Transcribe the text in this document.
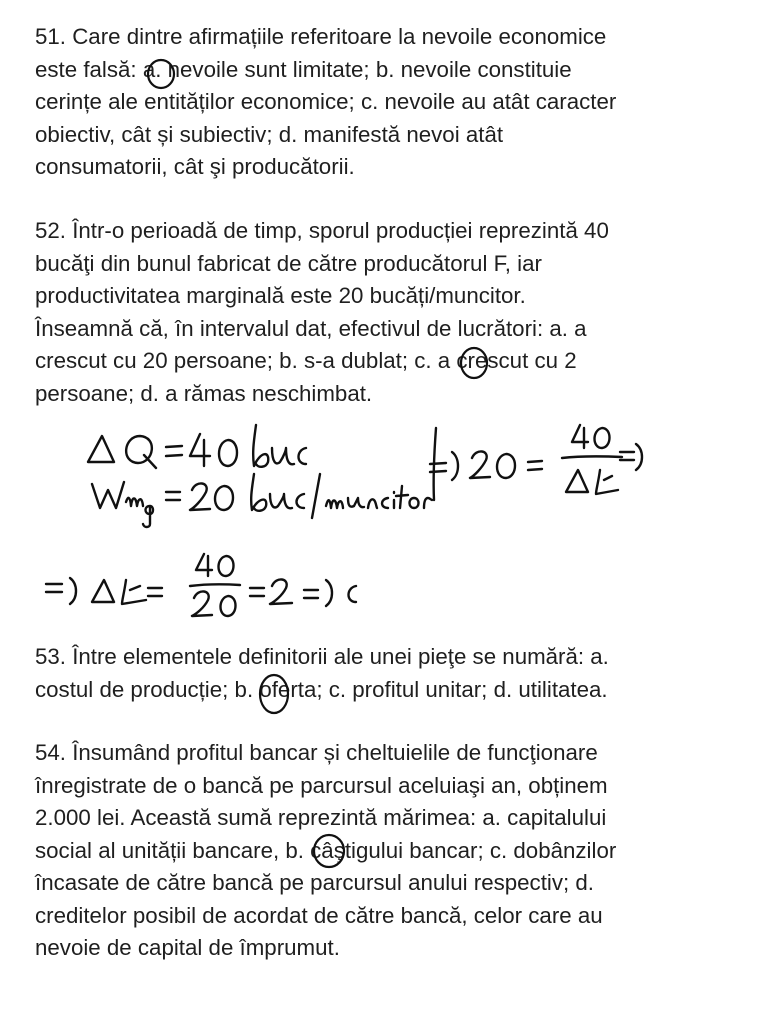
51. Care dintre afirmațiile referitoare la nevoile economice

este falsă: a. nevoile sunt limitate; b. nevoile constituie

cerințe ale entităților economice; c. nevoile au atât caracter

obiectiv, cât și subiectiv; d. manifestă nevoi atât

consumatorii, cât şi producătorii.

52. Într-o perioadă de timp, sporul producției reprezintă 40

bucăţi din bunul fabricat de către producătorul F, iar

productivitatea marginală este 20 bucăți/muncitor.

Înseamnă că, în intervalul dat, efectivul de lucrători: a. a

crescut cu 20 persoane; b. s-a dublat; c. a crescut cu 2

persoane; d. a rămas neschimbat.

53. Între elementele definitorii ale unei pieţe se numără: a.

costul de producție; b. oferta; c. profitul unitar; d. utilitatea.

54. Însumând profitul bancar și cheltuielile de funcţionare

înregistrate de o bancă pe parcursul aceluiaşi an, obținem

2.000 lei. Această sumă reprezintă mărimea: a. capitalului

social al unității bancare, b. câştigului bancar; c. dobânzilor

încasate de către bancă pe parcursul anului respectiv; d.

creditelor posibil de acordat de către bancă, celor care au

nevoie de capital de împrumut.
